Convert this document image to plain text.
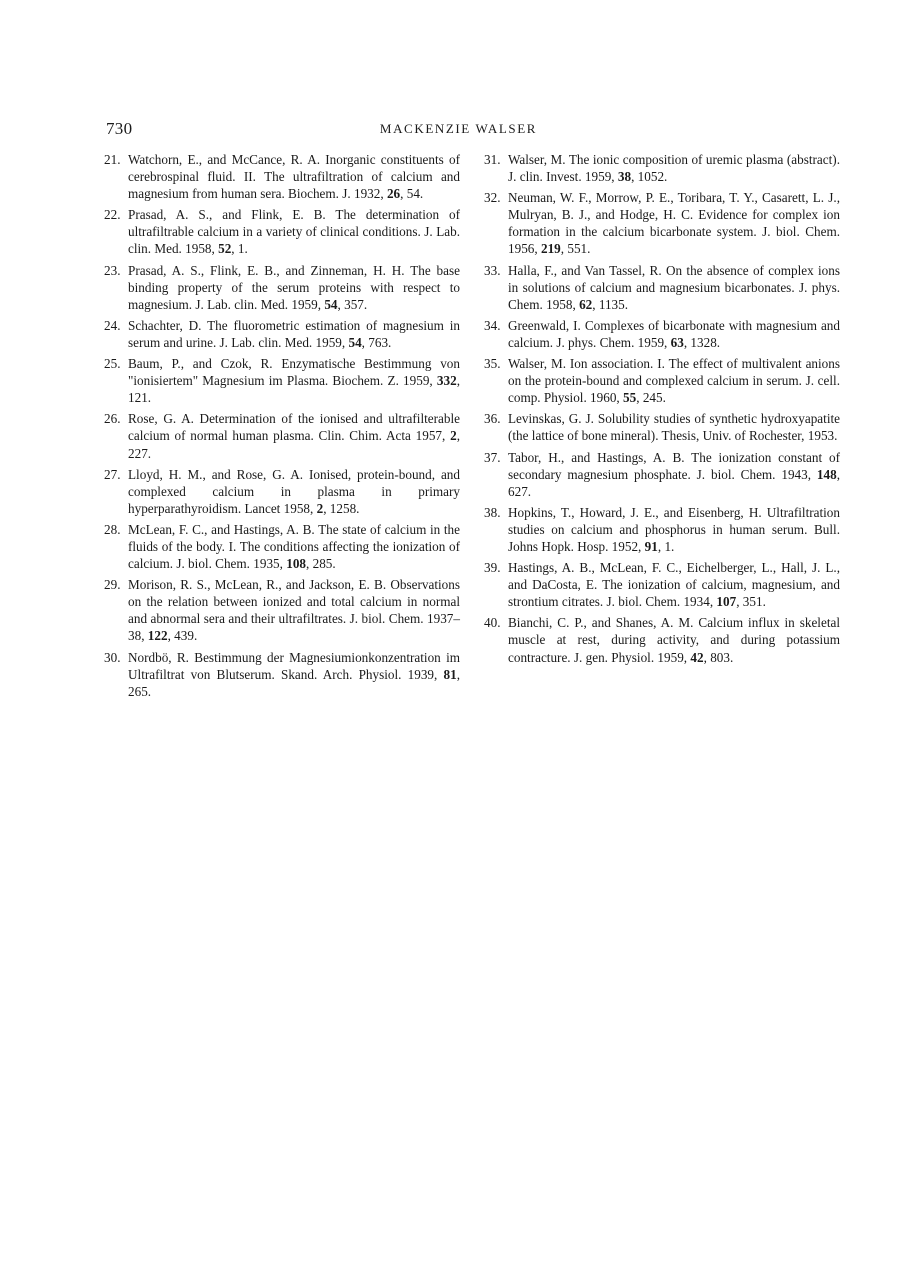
730	MACKENZIE WALSER
21. Watchorn, E., and McCance, R. A. Inorganic constituents of cerebrospinal fluid. II. The ultrafiltration of calcium and magnesium from human sera. Biochem. J. 1932, 26, 54.
22. Prasad, A. S., and Flink, E. B. The determination of ultrafiltrable calcium in a variety of clinical conditions. J. Lab. clin. Med. 1958, 52, 1.
23. Prasad, A. S., Flink, E. B., and Zinneman, H. H. The base binding property of the serum proteins with respect to magnesium. J. Lab. clin. Med. 1959, 54, 357.
24. Schachter, D. The fluorometric estimation of magnesium in serum and urine. J. Lab. clin. Med. 1959, 54, 763.
25. Baum, P., and Czok, R. Enzymatische Bestimmung von "ionisiertem" Magnesium im Plasma. Biochem. Z. 1959, 332, 121.
26. Rose, G. A. Determination of the ionised and ultrafilterable calcium of normal human plasma. Clin. Chim. Acta 1957, 2, 227.
27. Lloyd, H. M., and Rose, G. A. Ionised, protein-bound, and complexed calcium in plasma in primary hyperparathyroidism. Lancet 1958, 2, 1258.
28. McLean, F. C., and Hastings, A. B. The state of calcium in the fluids of the body. I. The conditions affecting the ionization of calcium. J. biol. Chem. 1935, 108, 285.
29. Morison, R. S., McLean, R., and Jackson, E. B. Observations on the relation between ionized and total calcium in normal and abnormal sera and their ultrafiltrates. J. biol. Chem. 1937–38, 122, 439.
30. Nordbö, R. Bestimmung der Magnesiumionkonzentration im Ultrafiltrat von Blutserum. Skand. Arch. Physiol. 1939, 81, 265.
31. Walser, M. The ionic composition of uremic plasma (abstract). J. clin. Invest. 1959, 38, 1052.
32. Neuman, W. F., Morrow, P. E., Toribara, T. Y., Casarett, L. J., Mulryan, B. J., and Hodge, H. C. Evidence for complex ion formation in the calcium bicarbonate system. J. biol. Chem. 1956, 219, 551.
33. Halla, F., and Van Tassel, R. On the absence of complex ions in solutions of calcium and magnesium bicarbonates. J. phys. Chem. 1958, 62, 1135.
34. Greenwald, I. Complexes of bicarbonate with magnesium and calcium. J. phys. Chem. 1959, 63, 1328.
35. Walser, M. Ion association. I. The effect of multivalent anions on the protein-bound and complexed calcium in serum. J. cell. comp. Physiol. 1960, 55, 245.
36. Levinskas, G. J. Solubility studies of synthetic hydroxyapatite (the lattice of bone mineral). Thesis, Univ. of Rochester, 1953.
37. Tabor, H., and Hastings, A. B. The ionization constant of secondary magnesium phosphate. J. biol. Chem. 1943, 148, 627.
38. Hopkins, T., Howard, J. E., and Eisenberg, H. Ultrafiltration studies on calcium and phosphorus in human serum. Bull. Johns Hopk. Hosp. 1952, 91, 1.
39. Hastings, A. B., McLean, F. C., Eichelberger, L., Hall, J. L., and DaCosta, E. The ionization of calcium, magnesium, and strontium citrates. J. biol. Chem. 1934, 107, 351.
40. Bianchi, C. P., and Shanes, A. M. Calcium influx in skeletal muscle at rest, during activity, and during potassium contracture. J. gen. Physiol. 1959, 42, 803.
